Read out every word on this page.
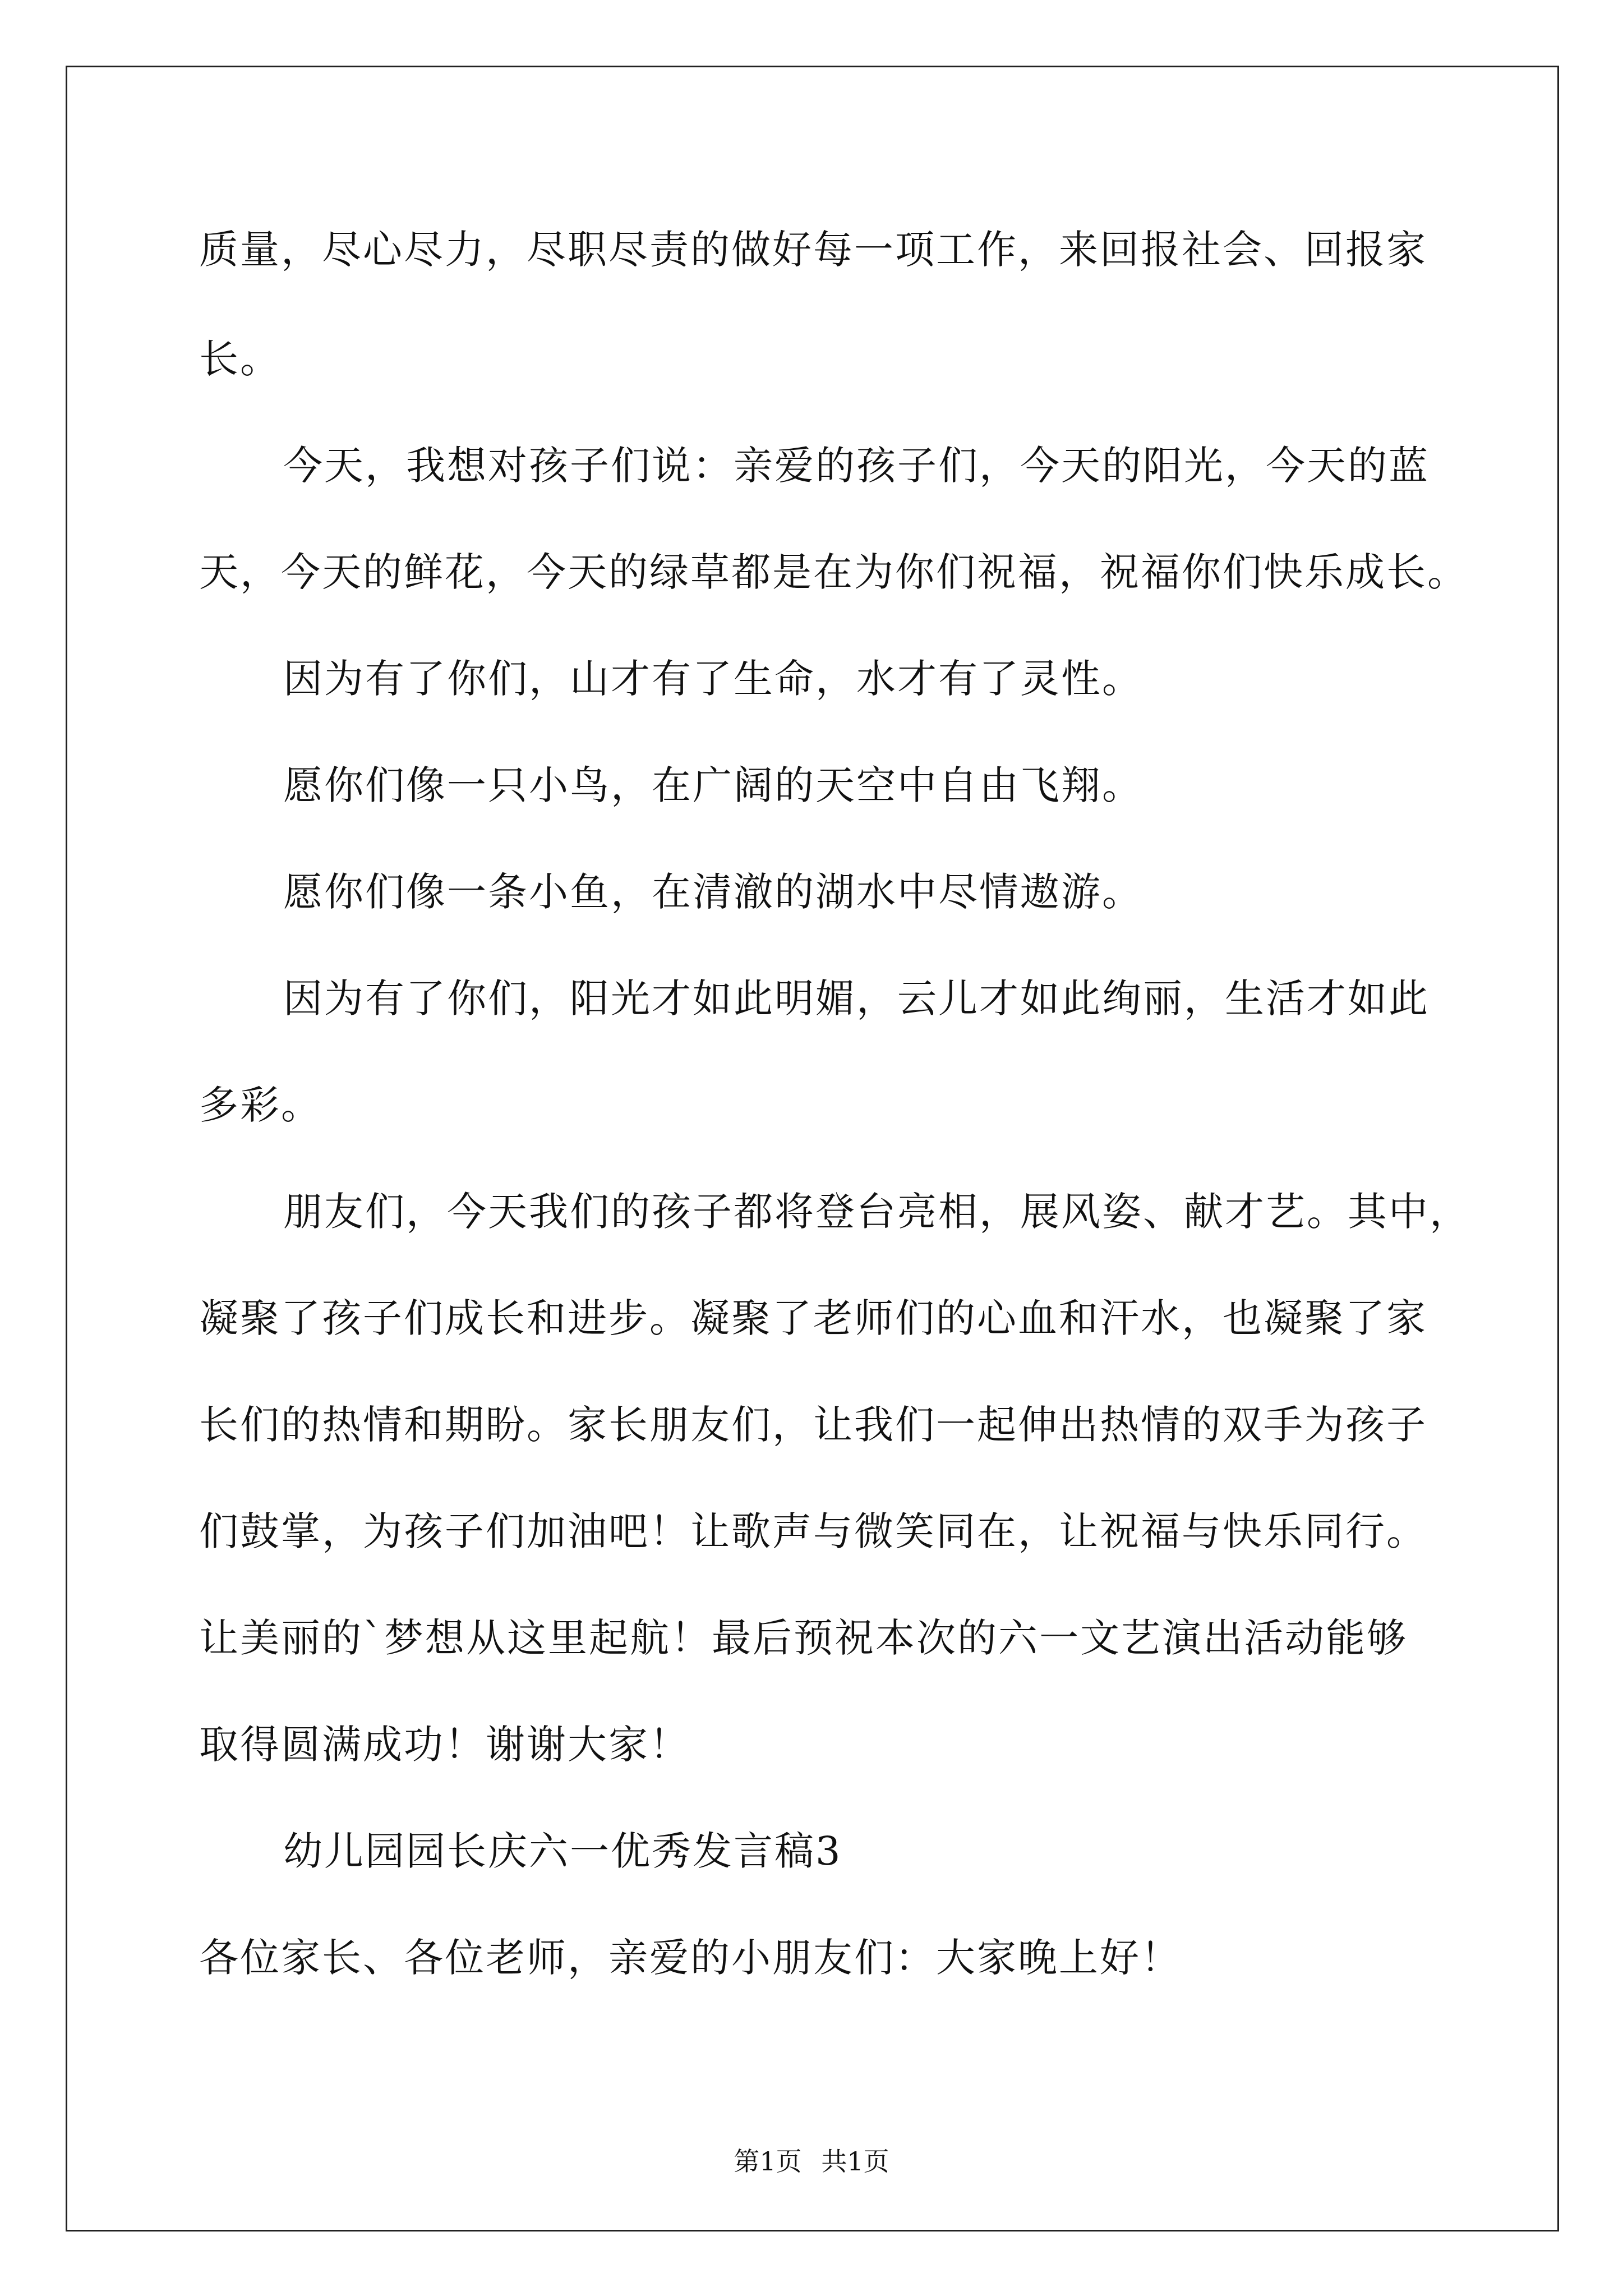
质量，尽心尽力，尽职尽责的做好每一项工作，来回报社会、回报家
长。
今天，我想对孩子们说：亲爱的孩子们，今天的阳光，今天的蓝
天，今天的鲜花，今天的绿草都是在为你们祝福，祝福你们快乐成长。
因为有了你们，山才有了生命，水才有了灵性。
愿你们像一只小鸟，在广阔的天空中自由飞翔。
愿你们像一条小鱼，在清澈的湖水中尽情遨游。
因为有了你们，阳光才如此明媚，云儿才如此绚丽，生活才如此
多彩。
朋友们，今天我们的孩子都将登台亮相，展风姿、献才艺。其中，
凝聚了孩子们成长和进步。凝聚了老师们的心血和汗水，也凝聚了家
长们的热情和期盼。家长朋友们，让我们一起伸出热情的双手为孩子
们鼓掌，为孩子们加油吧！让歌声与微笑同在，让祝福与快乐同行。
让美丽的`梦想从这里起航！最后预祝本次的六一文艺演出活动能够
取得圆满成功！谢谢大家！
幼儿园园长庆六一优秀发言稿3
各位家长、各位老师，亲爱的小朋友们：大家晚上好！
第1页 共1页
